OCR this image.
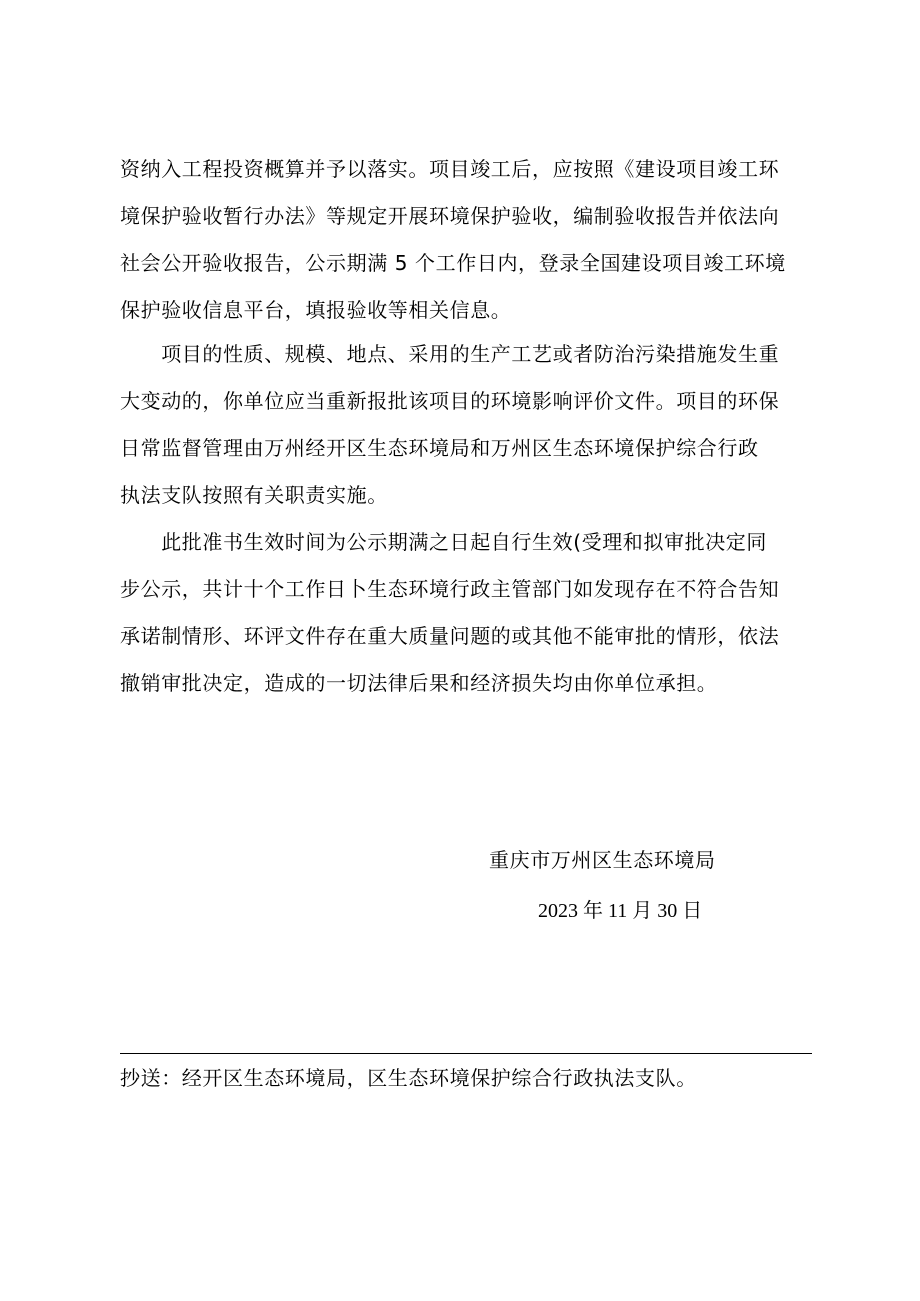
资纳入工程投资概算并予以落实。项目竣工后，应按照《建设项目竣工环
境保护验收暂行办法》等规定开展环境保护验收，编制验收报告并依法向
社会公开验收报告，公示期满 5 个工作日内，登录全国建设项目竣工环境
保护验收信息平台，填报验收等相关信息。
　　项目的性质、规模、地点、采用的生产工艺或者防治污染措施发生重
大变动的，你单位应当重新报批该项目的环境影响评价文件。项目的环保
日常监督管理由万州经开区生态环境局和万州区生态环境保护综合行政
执法支队按照有关职责实施。
　　此批准书生效时间为公示期满之日起自行生效(受理和拟审批决定同
步公示，共计十个工作日卜生态环境行政主管部门如发现存在不符合告知
承诺制情形、环评文件存在重大质量问题的或其他不能审批的情形，依法
撤销审批决定，造成的一切法律后果和经济损失均由你单位承担。
重庆市万州区生态环境局
2023 年 11 月 30 日
抄送：经开区生态环境局，区生态环境保护综合行政执法支队。
